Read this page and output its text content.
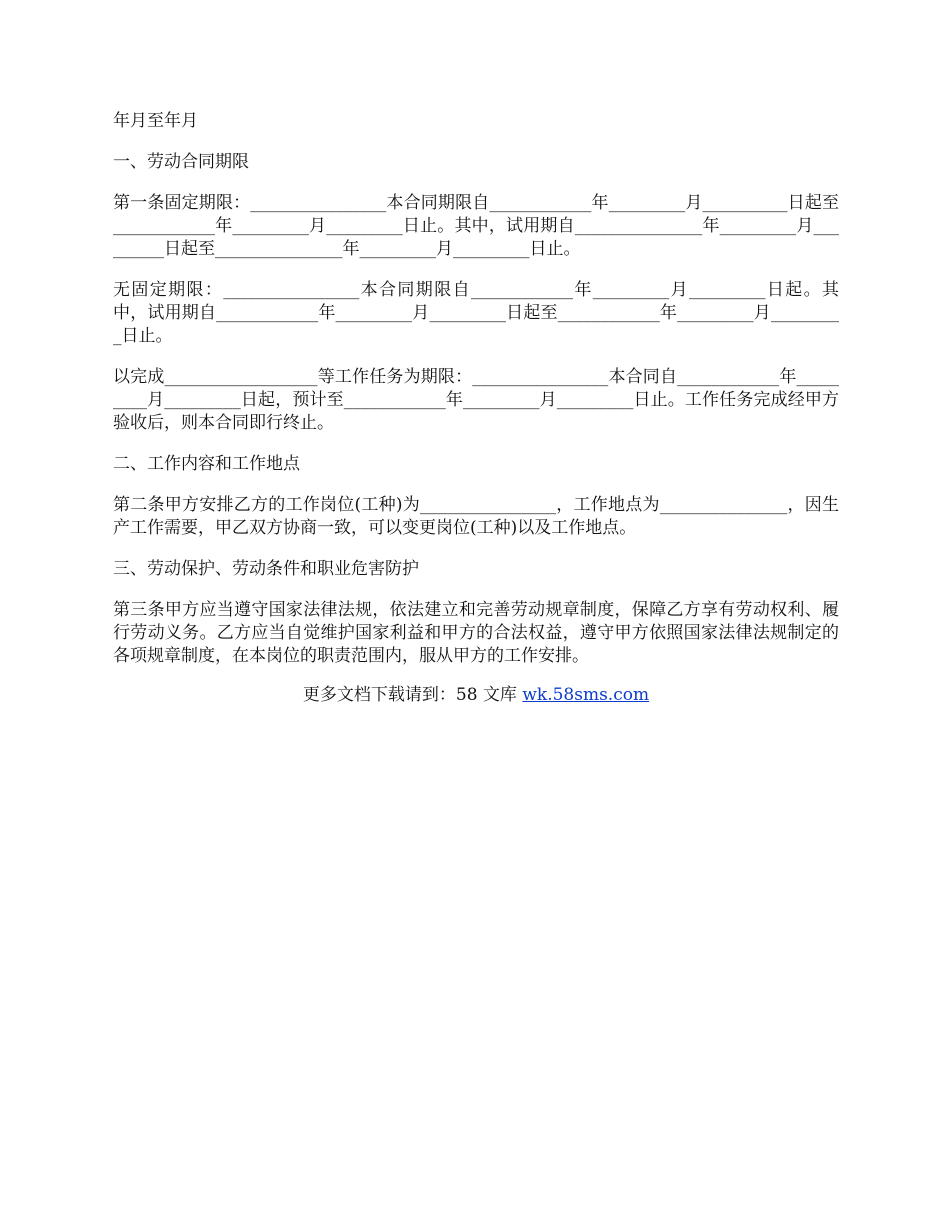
年月至年月

一、劳动合同期限

第一条固定期限：________________本合同期限自____________年_________月__________日起至____________年_________月_________日止。其中，试用期自_______________年_________月_________日起至_______________年_________月_________日止。

无固定期限：________________本合同期限自____________年_________月_________日起。其中，试用期自____________年_________月_________日起至____________年_________月_________日止。

以完成__________________等工作任务为期限：________________本合同自____________年_________月_________日起，预计至____________年_________月_________日止。工作任务完成经甲方验收后，则本合同即行终止。

二、工作内容和工作地点

第二条甲方安排乙方的工作岗位(工种)为________________，工作地点为_______________，因生产工作需要，甲乙双方协商一致，可以变更岗位(工种)以及工作地点。

三、劳动保护、劳动条件和职业危害防护

第三条甲方应当遵守国家法律法规，依法建立和完善劳动规章制度，保障乙方享有劳动权利、履行劳动义务。乙方应当自觉维护国家利益和甲方的合法权益，遵守甲方依照国家法律法规制定的各项规章制度，在本岗位的职责范围内，服从甲方的工作安排。

更多文档下载请到：58 文库 wk.58sms.com
